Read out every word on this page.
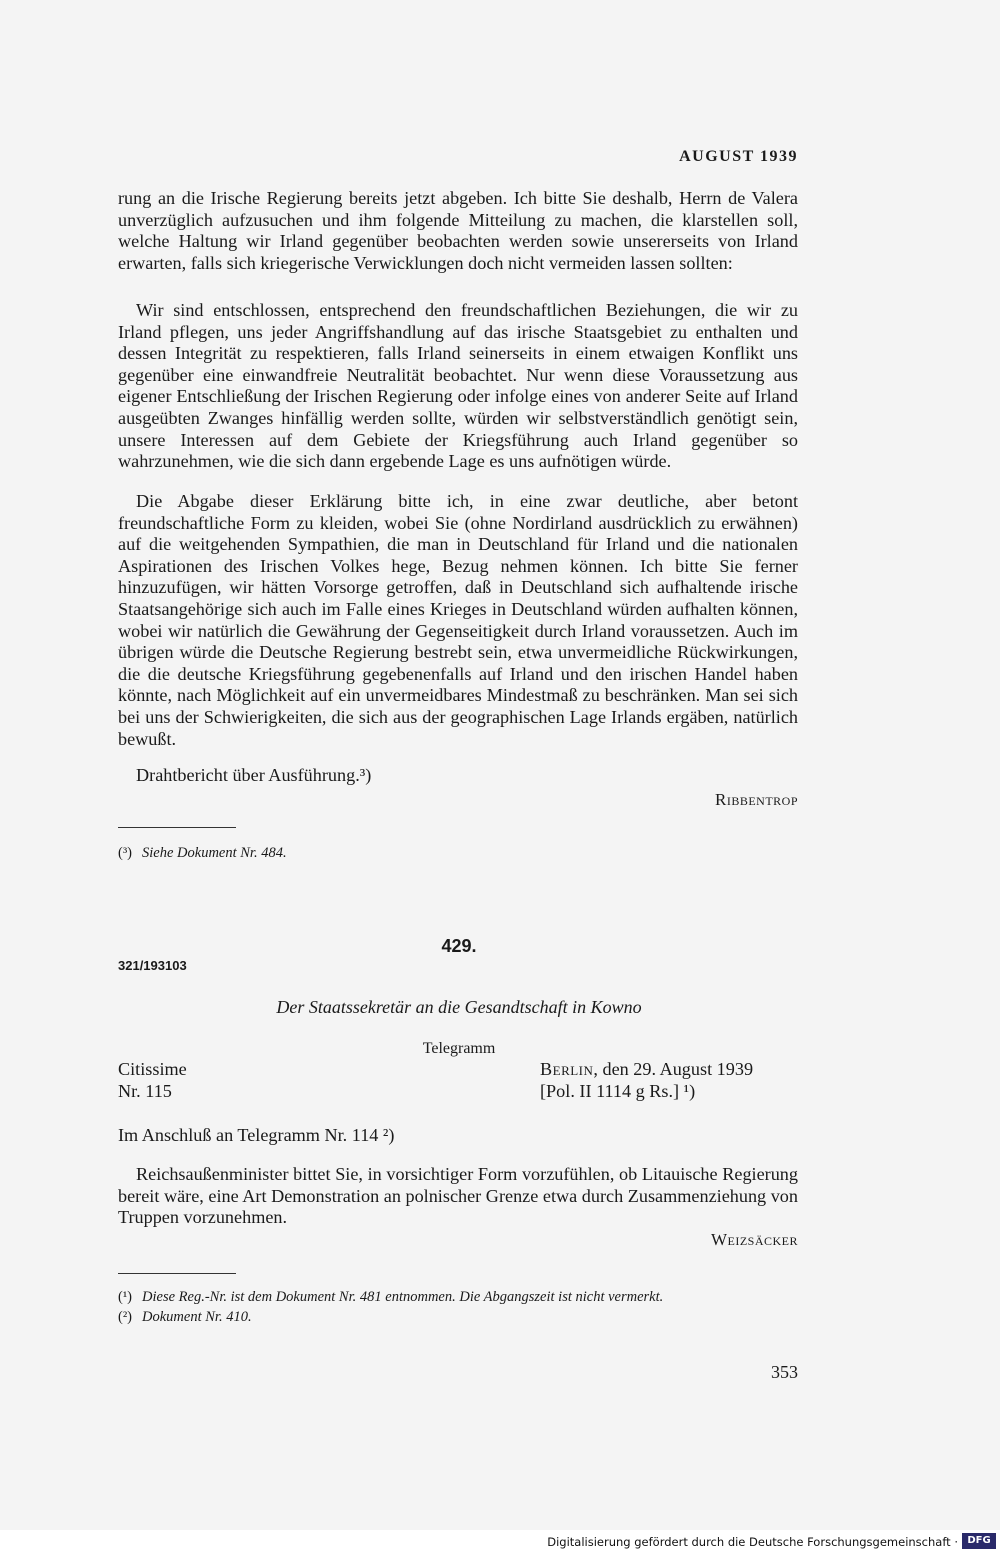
AUGUST 1939

rung an die Irische Regierung bereits jetzt abgeben. Ich bitte Sie deshalb, Herrn de Valera unverzüglich aufzusuchen und ihm folgende Mitteilung zu machen, die klarstellen soll, welche Haltung wir Irland gegenüber beobachten werden sowie unsererseits von Irland erwarten, falls sich kriegerische Verwicklungen doch nicht vermeiden lassen sollten:

Wir sind entschlossen, entsprechend den freundschaftlichen Beziehungen, die wir zu Irland pflegen, uns jeder Angriffshandlung auf das irische Staatsgebiet zu enthalten und dessen Integrität zu respektieren, falls Irland seinerseits in einem etwaigen Konflikt uns gegenüber eine einwandfreie Neutralität beobachtet. Nur wenn diese Voraussetzung aus eigener Entschließung der Irischen Regierung oder infolge eines von anderer Seite auf Irland ausgeübten Zwanges hinfällig werden sollte, würden wir selbstverständlich genötigt sein, unsere Interessen auf dem Gebiete der Kriegsführung auch Irland gegenüber so wahrzunehmen, wie die sich dann ergebende Lage es uns aufnötigen würde.

Die Abgabe dieser Erklärung bitte ich, in eine zwar deutliche, aber betont freundschaftliche Form zu kleiden, wobei Sie (ohne Nordirland ausdrücklich zu erwähnen) auf die weitgehenden Sympathien, die man in Deutschland für Irland und die nationalen Aspirationen des Irischen Volkes hege, Bezug nehmen können. Ich bitte Sie ferner hinzuzufügen, wir hätten Vorsorge getroffen, daß in Deutschland sich aufhaltende irische Staatsangehörige sich auch im Falle eines Krieges in Deutschland würden aufhalten können, wobei wir natürlich die Gewährung der Gegenseitigkeit durch Irland voraussetzen. Auch im übrigen würde die Deutsche Regierung bestrebt sein, etwa unvermeidliche Rückwirkungen, die die deutsche Kriegsführung gegebenenfalls auf Irland und den irischen Handel haben könnte, nach Möglichkeit auf ein unvermeidbares Mindestmaß zu beschränken. Man sei sich bei uns der Schwierigkeiten, die sich aus der geographischen Lage Irlands ergäben, natürlich bewußt.

Drahtbericht über Ausführung.³)

Ribbentrop
(³) Siehe Dokument Nr. 484.
429.
321/193103
Der Staatssekretär an die Gesandtschaft in Kowno
Telegramm
Citissime
Nr. 115
Berlin, den 29. August 1939
[Pol. II 1114 g Rs.] ¹)
Im Anschluß an Telegramm Nr. 114 ²)

Reichsaußenminister bittet Sie, in vorsichtiger Form vorzufühlen, ob Litauische Regierung bereit wäre, eine Art Demonstration an polnischer Grenze etwa durch Zusammenziehung von Truppen vorzunehmen.

Weizsäcker
(¹) Diese Reg.-Nr. ist dem Dokument Nr. 481 entnommen. Die Abgangszeit ist nicht vermerkt.
(²) Dokument Nr. 410.
353
Digitalisierung gefördert durch die Deutsche Forschungsgemeinschaft · DFG
